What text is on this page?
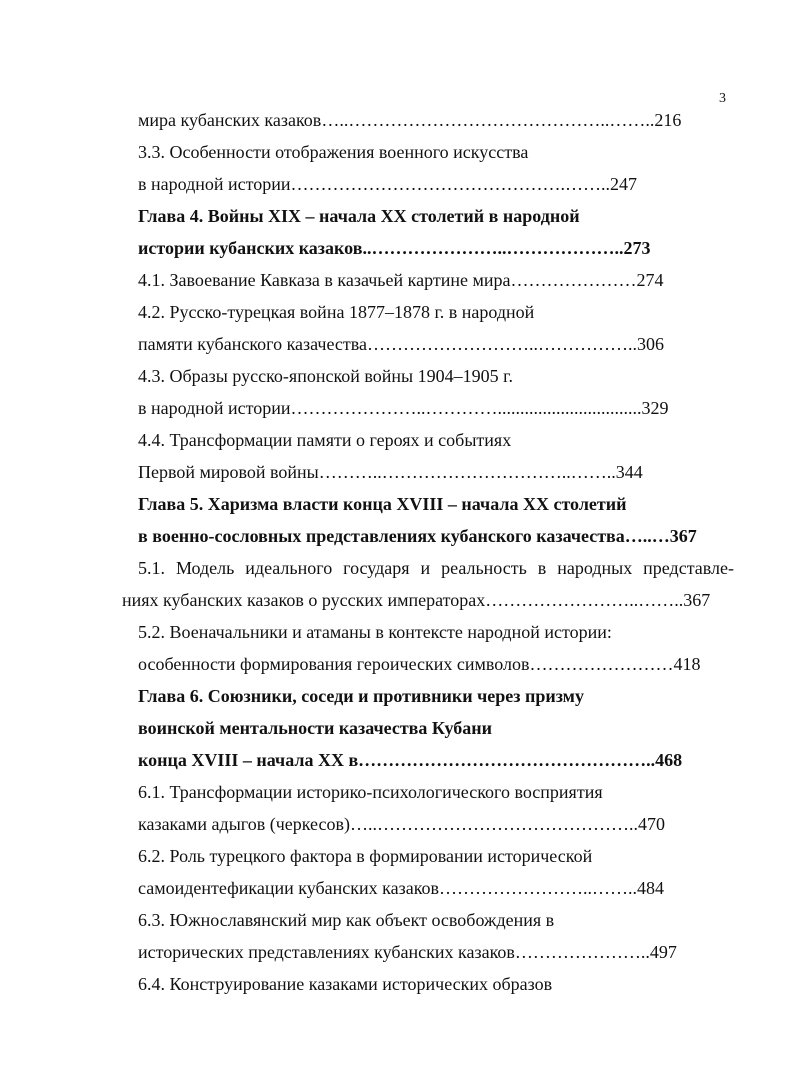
3
мира кубанских казаков…..……………………………………..……..216
3.3. Особенности отображения военного искусства
в народной истории……………………………………….……..247
Глава 4. Войны XIX – начала XX столетий в народной
истории кубанских казаков..…………………..………………..273
4.1. Завоевание Кавказа в казачьей картине мира…………………274
4.2. Русско-турецкая война 1877–1878 г. в народной
памяти кубанского казачества………………………..……………..306
4.3. Образы русско-японской войны 1904–1905 г.
в народной истории…………………..…………................................329
4.4. Трансформации памяти о героях и событиях
Первой мировой войны………..…………………………..……..344
Глава 5. Харизма власти конца XVIII – начала XX столетий
в военно-сословных представлениях кубанского казачества…..…367
5.1. Модель идеального государя и реальность в народных представле-
ниях кубанских казаков о русских императорах……………………..……..367
5.2. Военачальники и атаманы в контексте народной истории:
особенности формирования героических символов……………………418
Глава 6. Союзники, соседи и противники через призму
воинской ментальности казачества Кубани
конца XVIII – начала XX в…………………………………………..468
6.1. Трансформации историко-психологического восприятия
казаками адыгов (черкесов)…..……………………………………..470
6.2. Роль турецкого фактора в формировании исторической
самоидентефикации кубанских казаков……………………..……..484
6.3. Южнославянский мир как объект освобождения в
исторических представлениях кубанских казаков…………………..497
6.4. Конструирование казаками исторических образов
